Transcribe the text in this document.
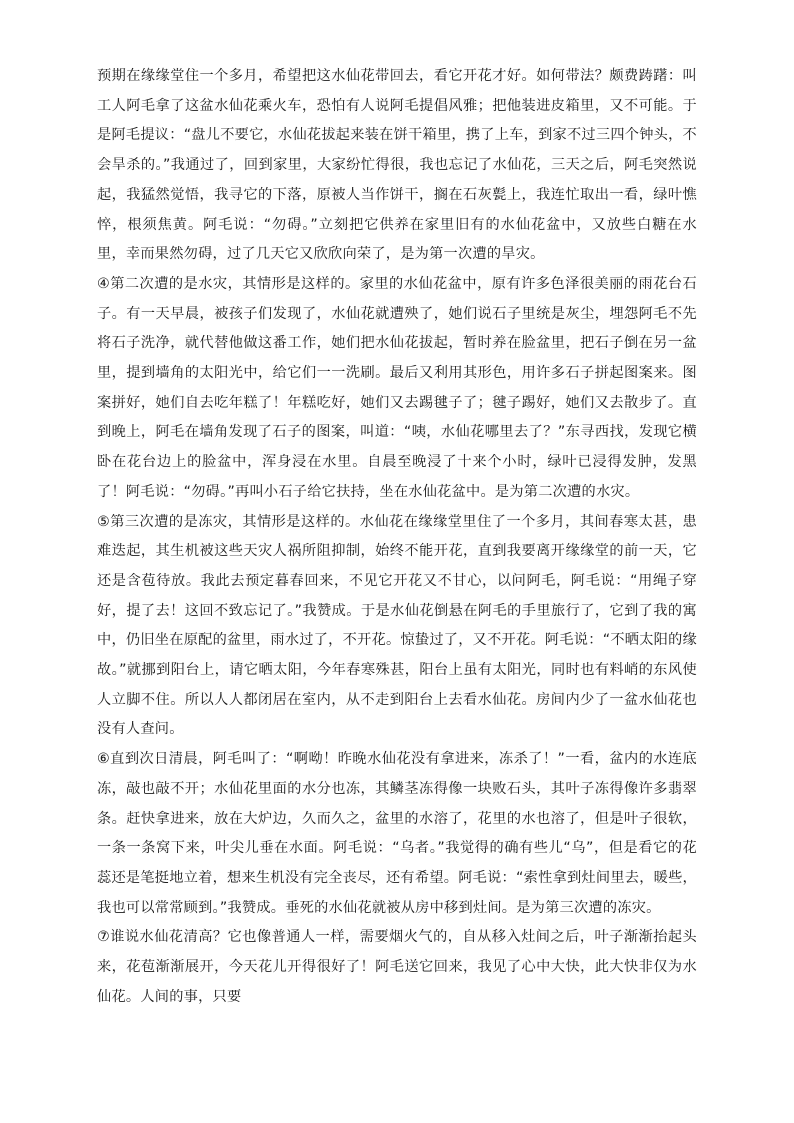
预期在缘缘堂住一个多月，希望把这水仙花带回去，看它开花才好。如何带法？颇费踌躇：叫工人阿毛拿了这盆水仙花乘火车，恐怕有人说阿毛提倡风雅；把他装进皮箱里，又不可能。于是阿毛提议：“盘儿不要它，水仙花拔起来装在饼干箱里，携了上车，到家不过三四个钟头，不会旱杀的。”我通过了，回到家里，大家纷忙得很，我也忘记了水仙花，三天之后，阿毛突然说起，我猛然觉悟，我寻它的下落，原被人当作饼干，搁在石灰甏上，我连忙取出一看，绿叶憔悴，根须焦黄。阿毛说：“勿碍。”立刻把它供养在家里旧有的水仙花盆中，又放些白糖在水里，幸而果然勿碍，过了几天它又欣欣向荣了，是为第一次遭的旱灾。

④第二次遭的是水灾，其情形是这样的。家里的水仙花盆中，原有许多色泽很美丽的雨花台石子。有一天早晨，被孩子们发现了，水仙花就遭殃了，她们说石子里统是灰尘，埋怨阿毛不先将石子洗净，就代替他做这番工作，她们把水仙花拔起，暂时养在脸盆里，把石子倒在另一盆里，提到墙角的太阳光中，给它们一一洗刷。最后又利用其形色，用许多石子拼起图案来。图案拼好，她们自去吃年糕了！年糕吃好，她们又去踢毽子了；毽子踢好，她们又去散步了。直到晚上，阿毛在墙角发现了石子的图案，叫道：“咦，水仙花哪里去了？”东寻西找，发现它横卧在花台边上的脸盆中，浑身浸在水里。自晨至晚浸了十来个小时，绿叶已浸得发肿，发黑了！阿毛说：“勿碍。”再叫小石子给它扶持，坐在水仙花盆中。是为第二次遭的水灾。

⑤第三次遭的是冻灾，其情形是这样的。水仙花在缘缘堂里住了一个多月，其间春寒太甚，患难迭起，其生机被这些天灾人祸所阻抑制，始终不能开花，直到我要离开缘缘堂的前一天，它还是含苞待放。我此去预定暮春回来，不见它开花又不甘心，以问阿毛，阿毛说：“用绳子穿好，提了去！这回不致忘记了。”我赞成。于是水仙花倒悬在阿毛的手里旅行了，它到了我的寓中，仍旧坐在原配的盆里，雨水过了，不开花。惊蛰过了，又不开花。阿毛说：“不晒太阳的缘故。”就挪到阳台上，请它晒太阳，今年春寒殊甚，阳台上虽有太阳光，同时也有料峭的东风使人立脚不住。所以人人都闭居在室内，从不走到阳台上去看水仙花。房间内少了一盆水仙花也没有人查问。

⑥直到次日清晨，阿毛叫了：“啊呦！昨晚水仙花没有拿进来，冻杀了！”一看，盆内的水连底冻，敲也敲不开；水仙花里面的水分也冻，其鳞茎冻得像一块败石头，其叶子冻得像许多翡翠条。赶快拿进来，放在大炉边，久而久之，盆里的水溶了，花里的水也溶了，但是叶子很软，一条一条窝下来，叶尖儿垂在水面。阿毛说：“乌者。”我觉得的确有些儿“乌”，但是看它的花蕊还是笔挺地立着，想来生机没有完全丧尽，还有希望。阿毛说：“索性拿到灶间里去，暖些，我也可以常常顾到。”我赞成。垂死的水仙花就被从房中移到灶间。是为第三次遭的冻灾。

⑦谁说水仙花清高？它也像普通人一样，需要烟火气的，自从移入灶间之后，叶子渐渐抬起头来，花苞渐渐展开，今天花儿开得很好了！阿毛送它回来，我见了心中大快，此大快非仅为水仙花。人间的事，只要
